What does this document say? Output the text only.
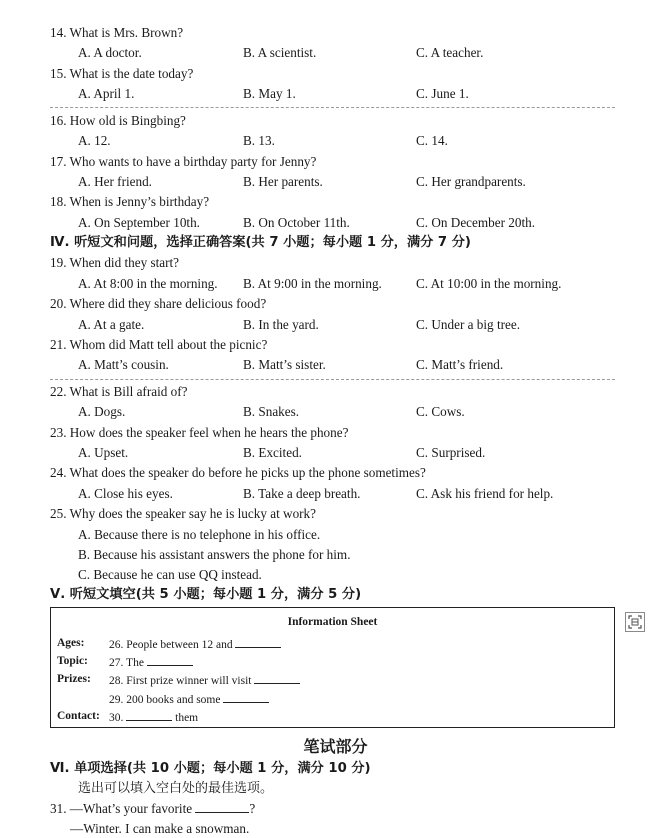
14. What is Mrs. Brown?
A. A doctor.	B. A scientist.	C. A teacher.
15. What is the date today?
A. April 1.	B. May 1.	C. June 1.
16. How old is Bingbing?
A. 12.	B. 13.	C. 14.
17. Who wants to have a birthday party for Jenny?
A. Her friend.	B. Her parents.	C. Her grandparents.
18. When is Jenny’s birthday?
A. On September 10th.	B. On October 11th.	C. On December 20th.
Ⅳ. 听短文和问题，选择正确答案(共 7 小题；每小题 1 分，满分 7 分)
19. When did they start?
A. At 8:00 in the morning. B. At 9:00 in the morning.	C. At 10:00 in the morning.
20. Where did they share delicious food?
A. At a gate.	B. In the yard.	C. Under a big tree.
21. Whom did Matt tell about the picnic?
A. Matt’s cousin.	B. Matt’s sister.	C. Matt’s friend.
22. What is Bill afraid of?
A. Dogs.	B. Snakes.	C. Cows.
23. How does the speaker feel when he hears the phone?
A. Upset.	B. Excited.	C. Surprised.
24. What does the speaker do before he picks up the phone sometimes?
A. Close his eyes.	B. Take a deep breath.	C. Ask his friend for help.
25. Why does the speaker say he is lucky at work?
A. Because there is no telephone in his office.
B. Because his assistant answers the phone for him.
C. Because he can use QQ instead.
Ⅴ. 听短文填空(共 5 小题；每小题 1 分，满分 5 分)
Information Sheet
Ages: 26. People between 12 and
Topic: 27. The
Prizes: 28. First prize winner will visit
29. 200 books and some
Contact: 30.	them
笔试部分
Ⅵ. 单项选择(共 10 小题；每小题 1 分，满分 10 分)
选出可以填入空白处的最佳选项。
31. —What’s your favorite	?
—Winter. I can make a snowman.
